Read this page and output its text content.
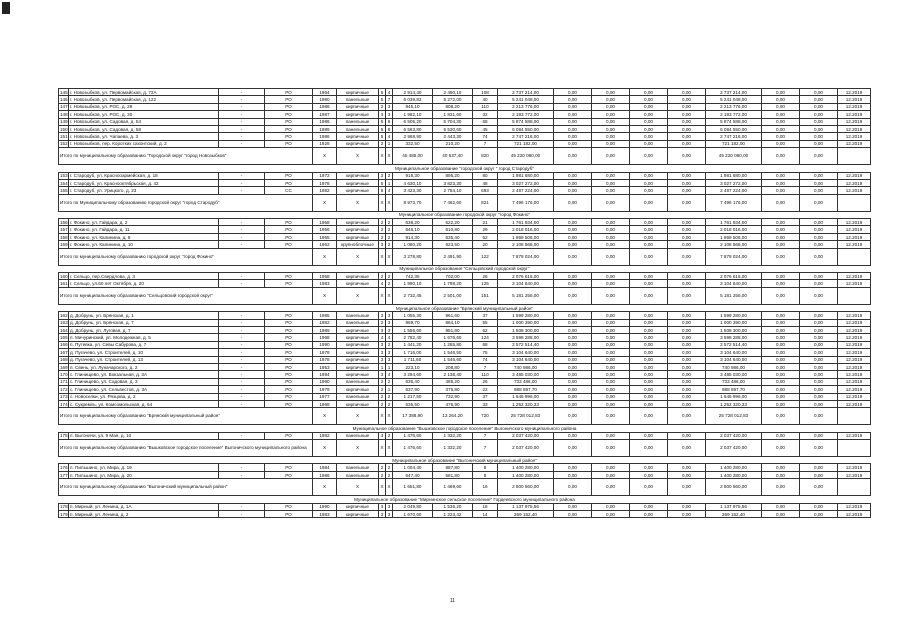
145	г. Новозыбков, ул. Первомайская, д. 72А	-	РО	1964	кирпичные	5	4	2 914,40	2 490,10	108	2 737 214,00	0,00	0,00	0,00	0,00	2 737 214,00	0,00	0,00	12.2019
146	г. Новозыбков, ул. Первомайская, д. 122	-	РО	1980	панельные	5	7	6 039,83	5 272,00	40	5 241 048,00	0,00	0,00	0,00	0,00	5 241 048,00	0,00	0,00	12.2019
147	г. Новозыбков, ул. РОС, д. 29	-	РО	1986	кирпичные	2	3	945,10	808,20	110	2 213 776,00	0,00	0,00	0,00	0,00	2 213 776,00	0,00	0,00	12.2019
148	г. Новозыбков, ул. РОС, д. 30	-	РО	1987	кирпичные	3	3	1 982,10	1 831,60	32	2 193 772,00	0,00	0,00	0,00	0,00	2 193 772,00	0,00	0,00	12.2019
149	г. Новозыбков, ул. Садовая, д. 54	-	РО	1986	панельные	5	6	6 505,20	5 704,30	68	5 874 588,00	0,00	0,00	0,00	0,00	5 874 588,00	0,00	0,00	12.2019
150	г. Новозыбков, ул. Садовая, д. 58	-	РО	1989	панельные	5	6	6 563,80	5 530,60	45	6 084 550,00	0,00	0,00	0,00	0,00	6 084 550,00	0,00	0,00	12.2019
151	г. Новозыбков, ул. Чапаева, д. 3	-	РО	1986	кирпичные	5	4	2 968,90	2 443,30	74	2 747 218,00	0,00	0,00	0,00	0,00	2 747 218,00	0,00	0,00	12.2019
152	г. Новозыбков, пер. Коротких сахонтский, д. 2	-	РО	1928	кирпичные	2	1	332,50	210,20	7	721 182,00	0,00	0,00	0,00	0,00	721 182,00	0,00	0,00	12.2019
Итого по муниципальному образованию "Городской округ "город Новозыбков"				X	X	X	X	45 485,00	40 637,40	820	45 220 080,00	0,00	0,00	0,00	0,00	45 220 080,00	0,00	0,00	
Муниципальное образование "городской округ " город Стародуб"																			
153	г. Стародуб, ул. Краснооармейская, д. 18	-	РО	1972	кирпичные	3	2	919,30	895,20	80	1 981 680,00	0,00	0,00	0,00	0,00	1 981 680,00	0,00	0,00	12.2019
154	г. Стародуб, ул. Краснооктябрьская, д. 42	-	РО	1978	кирпичные	5	1	4 630,10	3 823,30	48	3 027 272,00	0,00	0,00	0,00	0,00	3 027 272,00	0,00	0,00	12.2019
155	г. Стародуб, ул. Урицкого, д. 23	-	СС	1982	кирпичные	5	4	3 423,30	2 754,10	693	2 487 224,00	0,00	0,00	0,00	0,00	2 487 224,00	0,00	0,00	12.2019
Итого по Муниципальному образованию городской округ "город Стародуб"				X	X	X	X	8 973,70	7 462,60	821	7 496 176,00	0,00	0,00	0,00	0,00	7 496 176,00	0,00	0,00	
Муниципальное образование городской округ "город Фокино"																			
156	г. Фокино, ул. Гайдара, д. 2	-	РО	1958	кирпичные	2	2	638,20	622,20	21	1 761 934,00	0,00	0,00	0,00	0,00	1 761 934,00	0,00	0,00	12.2019
157	г. Фокино, ул. Гайдара, д. 11	-	РО	1956	кирпичные	2	2	646,10	610,80	29	2 018 016,00	0,00	0,00	0,00	0,00	2 018 016,00	0,00	0,00	12.2019
158	г. Фокино, ул. Калинина, д. 8	-	РО	1955	кирпичные	2	2	914,30	635,40	52	1 969 506,00	0,00	0,00	0,00	0,00	1 969 506,00	0,00	0,00	12.2019
159	г. Фокино, ул. Калинина, д. 10	-	РО	1962	крупноблочные	3	2	1 080,20	623,50	20	2 108 568,00	0,00	0,00	0,00	0,00	2 108 568,00	0,00	0,00	12.2019
Итого по муниципальному образованию городской округ "город Фокино"				X	X	X	X	3 278,80	2 491,90	122	7 878 024,00	0,00	0,00	0,00	0,00	7 878 024,00	0,00	0,00	
Муниципальное образование "Сельцовский городской округ"																			
160	г. Сельцо, пер.Свердлова, д. 3	-	РО	1958	кирпичные	2	2	742,35	702,00	26	2 076 616,00	0,00	0,00	0,00	0,00	2 076 616,00	0,00	0,00	12.2019
161	г. Сельцо, ул.60 лет Октября, д. 20	-	РО	1983	кирпичные	4	2	1 990,10	1 798,20	125	3 104 640,00	0,00	0,00	0,00	0,00	3 104 640,00	0,00	0,00	12.2019
Итого по муниципальному образованию "Сельцовский городской округ"				X	X	X	X	2 732,45	2 501,00	151	5 181 256,00	0,00	0,00	0,00	0,00	5 181 256,00	0,00	0,00	
Муниципальное образование "Брянский муниципальный район"																			
162	д. Добрунь, ул. Брянская, д. 1	-	РО	1985	панельные	3	3	1 055,30	961,60	37	1 599 280,00	0,00	0,00	0,00	0,00	1 599 280,00	0,00	0,00	12.2019
163	д. Добрунь, ул. Брянская, д. 7	-	РО	1982	панельные	2	3	969,70	864,10	55	1 000 390,00	0,00	0,00	0,00	0,00	1 000 390,00	0,00	0,00	12.2019
164	д. Добрунь, ул. Луговая, д. 7	-	РО	1989	кирпичные	3	3	1 556,60	951,80	62	1 508 300,00	0,00	0,00	0,00	0,00	1 508 300,00	0,00	0,00	12.2019
165	п. Мичуринский, ул. Молодежная, д. 5	-	РО	1968	кирпичные	4	4	2 782,40	1 676,60	124	3 598 288,00	0,00	0,00	0,00	0,00	3 598 288,00	0,00	0,00	12.2019
166	п. Путевка, ул. Севы Сабурова, д. 7	-	РО	1990	кирпичные	3	2	1 441,20	1 265,80	68	2 572 514,40	0,00	0,00	0,00	0,00	2 572 514,40	0,00	0,00	12.2019
167	д. Пугачево, ул. Строителей, д. 10	-	РО	1978	кирпичные	3	3	1 716,00	1 546,50	75	3 104 640,00	0,00	0,00	0,00	0,00	3 104 640,00	0,00	0,00	12.2019
168	д. Пугачево, ул. Строителей, д. 13	-	РО	1978	кирпичные	3	3	1 711,60	1 546,60	74	3 104 640,00	0,00	0,00	0,00	0,00	3 104 640,00	0,00	0,00	12.2019
169	п. Свень, ул. Луначарского, д. 2	-	РО	1953	кирпичные	1	1	223,10	208,80	7	740 986,00	0,00	0,00	0,00	0,00	740 986,00	0,00	0,00	12.2019
170	с. Глинищево, ул. Вокзальная, д. 3А	-	РО	1994	кирпичные	3	4	3 294,60	2 138,40	110	3 485 030,00	0,00	0,00	0,00	0,00	3 485 030,00	0,00	0,00	12.2019
171	с. Глинищево, ул. Садовая, д. 3	-	РО	1990	панельные	2	2	636,40	485,20	26	733 486,00	0,00	0,00	0,00	0,00	733 486,00	0,00	0,00	12.2019
172	с. Глинищево, ул. Сельвестов, д. 3А	-	РО	1979	кирпичные	2	1	637,90	375,80	22	988 697,70	0,00	0,00	0,00	0,00	988 697,70	0,00	0,00	12.2019
173	с. Новоселки, ул. Рязцова, д. 2	-	РО	1977	панельные	2	2	1 217,50	732,90	37	1 646 996,00	0,00	0,00	0,00	0,00	1 646 996,00	0,00	0,00	12.2019
174	с. Сукремль, ул. Комсомольская, д. 64	-	РО	1968	кирпичные	2	2	535,50	476,90	33	1 252 320,33	0,00	0,00	0,00	0,00	1 252 320,33	0,00	0,00	12.2019
Итого по муниципальному образованию "Брянский муниципальный район"				X	X	X	X	17 388,90	13 264,20	720	25 728 012,83	0,00	0,00	0,00	0,00	25 728 012,83	0,00	0,00	
Муниципальное образование "Вышковское городское поселение" Выгоничского муниципального района																			
175	п. Выгоничи, ул. 9 Мая, д. 10	-	РО	1982	панельные	3	2	1 476,60	1 332,20	7	2 037 420,00	0,00	0,00	0,00	0,00	2 037 420,00	0,00	0,00	12.2019
Итого по муниципальному образованию "Вышковское городское поселение" Выгоничского муниципального района				X	X	X	X	1 476,60	1 332,20	7	2 037 420,00	0,00	0,00	0,00	0,00	2 037 420,00	0,00	0,00	
Муниципальное образование "Выгоничский муниципальный район"																			
176	п. Пильшино, ул. Мира, д. 19	-	РО	1984	панельные	2	2	1 004,40	887,80	8	1 400 280,00	0,00	0,00	0,00	0,00	1 400 280,00	0,00	0,00	12.2019
177	п. Пильшино, ул. Мира, д. 20	-	РО	1986	панельные	2	2	647,40	581,80	8	1 400 280,00	0,00	0,00	0,00	0,00	1 400 280,00	0,00	0,00	12.2019
Итого по муниципальному образованию "Выгоничский муниципальный район"				X	X	X	X	1 651,80	1 469,60	16	2 800 560,00	0,00	0,00	0,00	0,00	2 800 560,00	0,00	0,00	
Муниципальное образование "Мирнинское сельское поселение" Гордеевского муниципального района																			
178	п. Мирный, ул. Ленина, д. 1А	-	РО	1990	кирпичные	3	3	2 049,80	1 536,20	18	1 137 975,56	0,00	0,00	0,00	0,00	1 137 975,56	0,00	0,00	12.2019
179	п. Мирный, ул. Ленина, д. 2	-	РО	1983	кирпичные	3	3	1 670,60	1 223,42	14	269 152,40	0,00	0,00	0,00	0,00	269 152,40	0,00	0,00	12.2019
11
